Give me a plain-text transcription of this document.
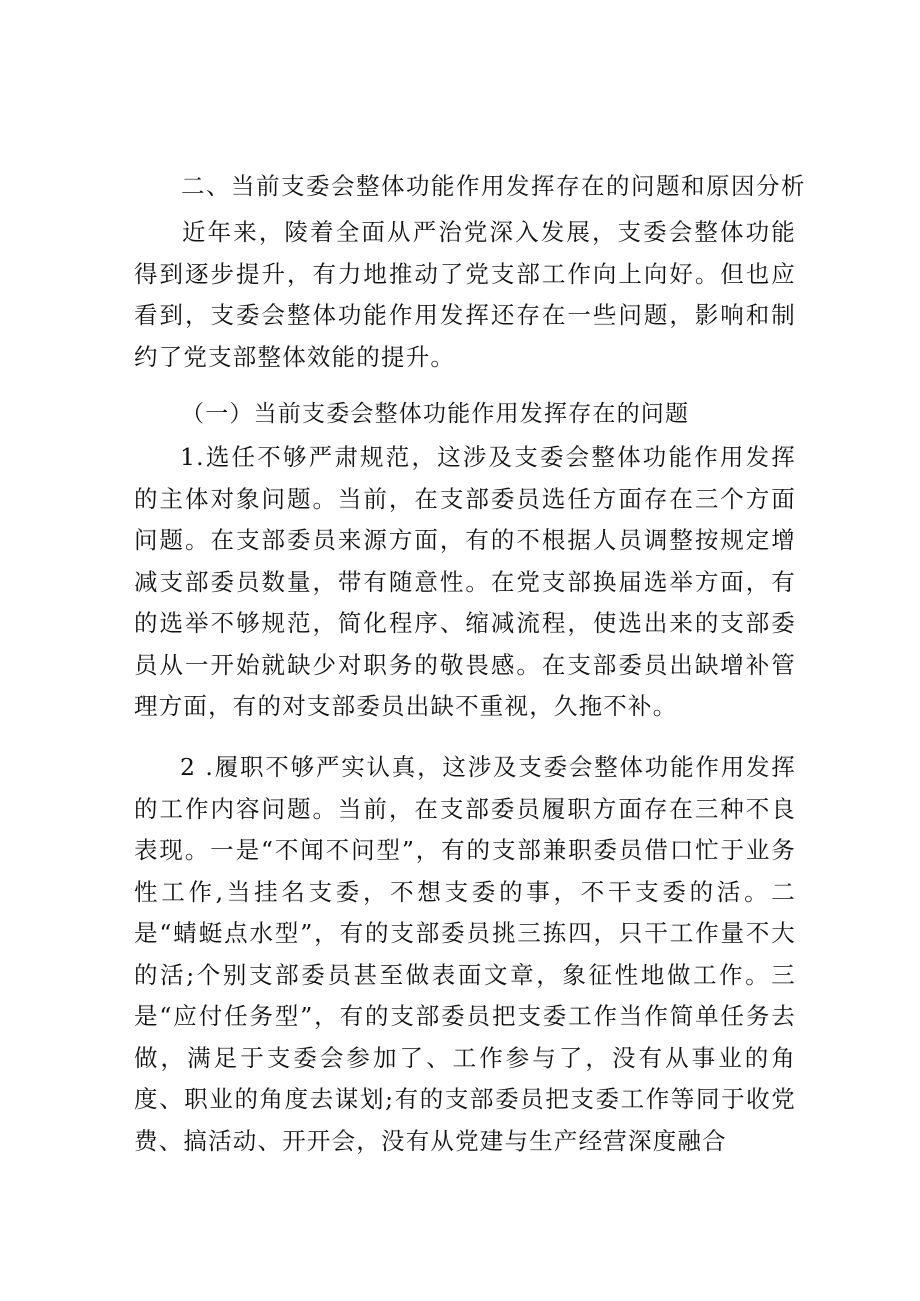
二、当前支委会整体功能作用发挥存在的问题和原因分析

近年来，陵着全面从严治党深入发展，支委会整体功能得到逐步提升，有力地推动了党支部工作向上向好。但也应看到，支委会整体功能作用发挥还存在一些问题，影响和制约了党支部整体效能的提升。

（一）当前支委会整体功能作用发挥存在的问题

1.选任不够严肃规范，这涉及支委会整体功能作用发挥的主体对象问题。当前，在支部委员选任方面存在三个方面问题。在支部委员来源方面，有的不根据人员调整按规定增减支部委员数量，带有随意性。在党支部换届选举方面，有的选举不够规范，简化程序、缩减流程，使选出来的支部委员从一开始就缺少对职务的敬畏感。在支部委员出缺增补管理方面，有的对支部委员出缺不重视，久拖不补。

2 .履职不够严实认真，这涉及支委会整体功能作用发挥的工作内容问题。当前，在支部委员履职方面存在三种不良表现。一是“不闻不问型”，有的支部兼职委员借口忙于业务性工作,当挂名支委，不想支委的事，不干支委的活。二是“蜻蜓点水型”，有的支部委员挑三拣四，只干工作量不大的活;个别支部委员甚至做表面文章，象征性地做工作。三是“应付任务型”，有的支部委员把支委工作当作简单任务去做，满足于支委会参加了、工作参与了，没有从事业的角度、职业的角度去谋划;有的支部委员把支委工作等同于收党费、搞活动、开开会，没有从党建与生产经营深度融合
